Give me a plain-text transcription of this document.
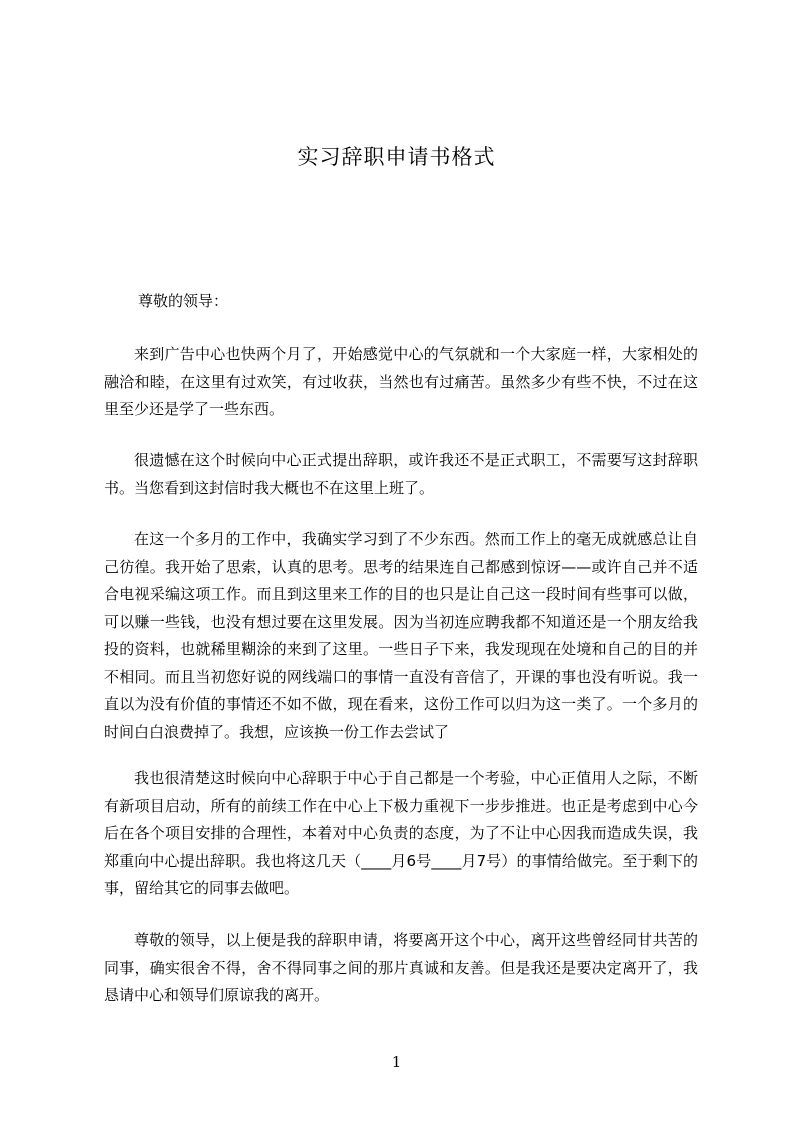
实习辞职申请书格式
尊敬的领导：

来到广告中心也快两个月了，开始感觉中心的气氛就和一个大家庭一样，大家相处的融洽和睦，在这里有过欢笑，有过收获，当然也有过痛苦。虽然多少有些不快，不过在这里至少还是学了一些东西。

很遗憾在这个时候向中心正式提出辞职，或许我还不是正式职工，不需要写这封辞职书。当您看到这封信时我大概也不在这里上班了。

在这一个多月的工作中，我确实学习到了不少东西。然而工作上的毫无成就感总让自己彷徨。我开始了思索，认真的思考。思考的结果连自己都感到惊讶——或许自己并不适合电视采编这项工作。而且到这里来工作的目的也只是让自己这一段时间有些事可以做，可以赚一些钱，也没有想过要在这里发展。因为当初连应聘我都不知道还是一个朋友给我投的资料，也就稀里糊涂的来到了这里。一些日子下来，我发现现在处境和自己的目的并不相同。而且当初您好说的网线端口的事情一直没有音信了，开课的事也没有听说。我一直以为没有价值的事情还不如不做，现在看来，这份工作可以归为这一类了。一个多月的时间白白浪费掉了。我想，应该换一份工作去尝试了

我也很清楚这时候向中心辞职于中心于自己都是一个考验，中心正值用人之际，不断有新项目启动，所有的前续工作在中心上下极力重视下一步步推进。也正是考虑到中心今后在各个项目安排的合理性，本着对中心负责的态度，为了不让中心因我而造成失误，我郑重向中心提出辞职。我也将这几天（____月6号____月7号）的事情给做完。至于剩下的事，留给其它的同事去做吧。

尊敬的领导，以上便是我的辞职申请，将要离开这个中心，离开这些曾经同甘共苦的同事，确实很舍不得，舍不得同事之间的那片真诚和友善。但是我还是要决定离开了，我恳请中心和领导们原谅我的离开。

1
